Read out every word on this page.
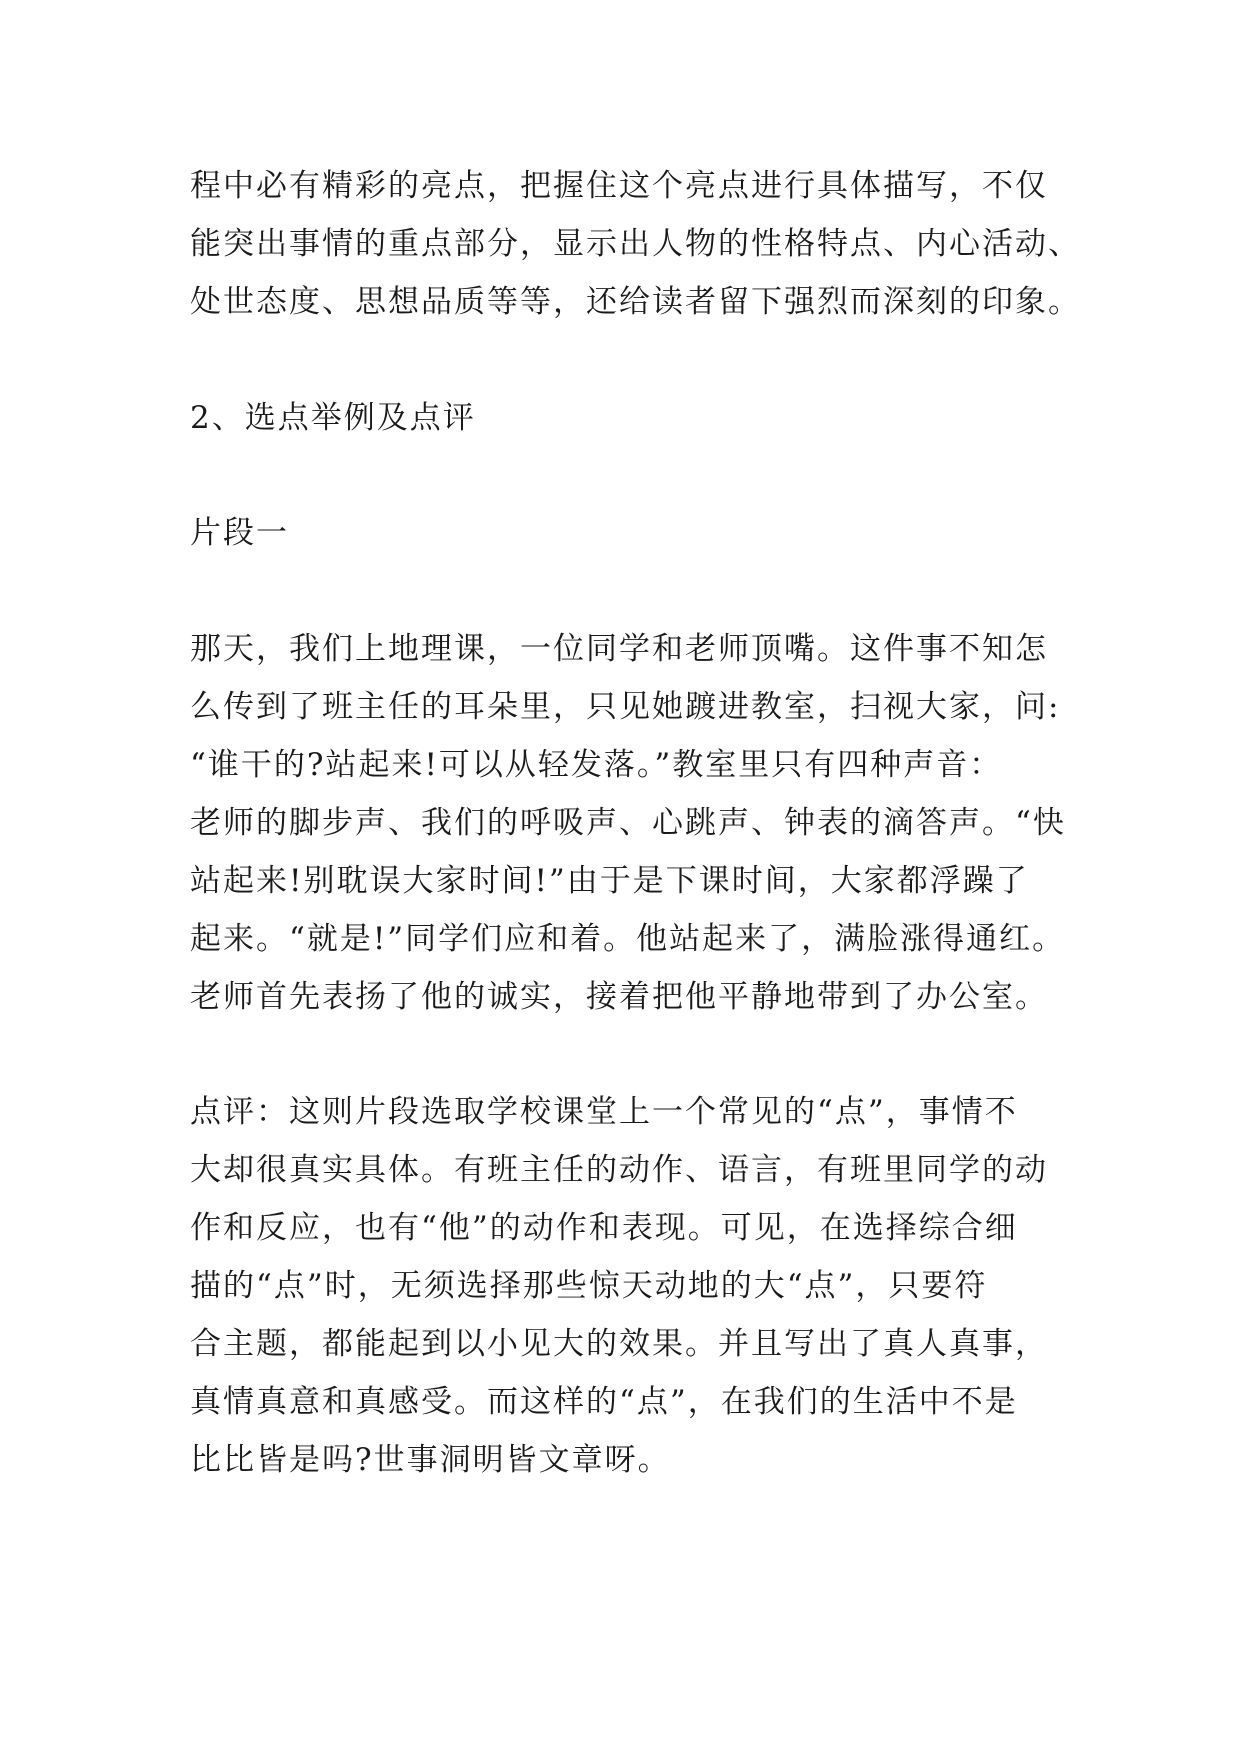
程中必有精彩的亮点，把握住这个亮点进行具体描写，不仅
能突出事情的重点部分，显示出人物的性格特点、内心活动、
处世态度、思想品质等等，还给读者留下强烈而深刻的印象。
2、选点举例及点评
片段一
那天，我们上地理课，一位同学和老师顶嘴。这件事不知怎
么传到了班主任的耳朵里，只见她踱进教室，扫视大家，问:
“谁干的?站起来!可以从轻发落。”教室里只有四种声音：
老师的脚步声、我们的呼吸声、心跳声、钟表的滴答声。“快
站起来!别耽误大家时间!”由于是下课时间，大家都浮躁了
起来。“就是!”同学们应和着。他站起来了，满脸涨得通红。
老师首先表扬了他的诚实，接着把他平静地带到了办公室。
点评：这则片段选取学校课堂上一个常见的“点”，事情不
大却很真实具体。有班主任的动作、语言，有班里同学的动
作和反应，也有“他”的动作和表现。可见，在选择综合细
描的“点”时，无须选择那些惊天动地的大“点”，只要符
合主题，都能起到以小见大的效果。并且写出了真人真事，
真情真意和真感受。而这样的“点”，在我们的生活中不是
比比皆是吗?世事洞明皆文章呀。
